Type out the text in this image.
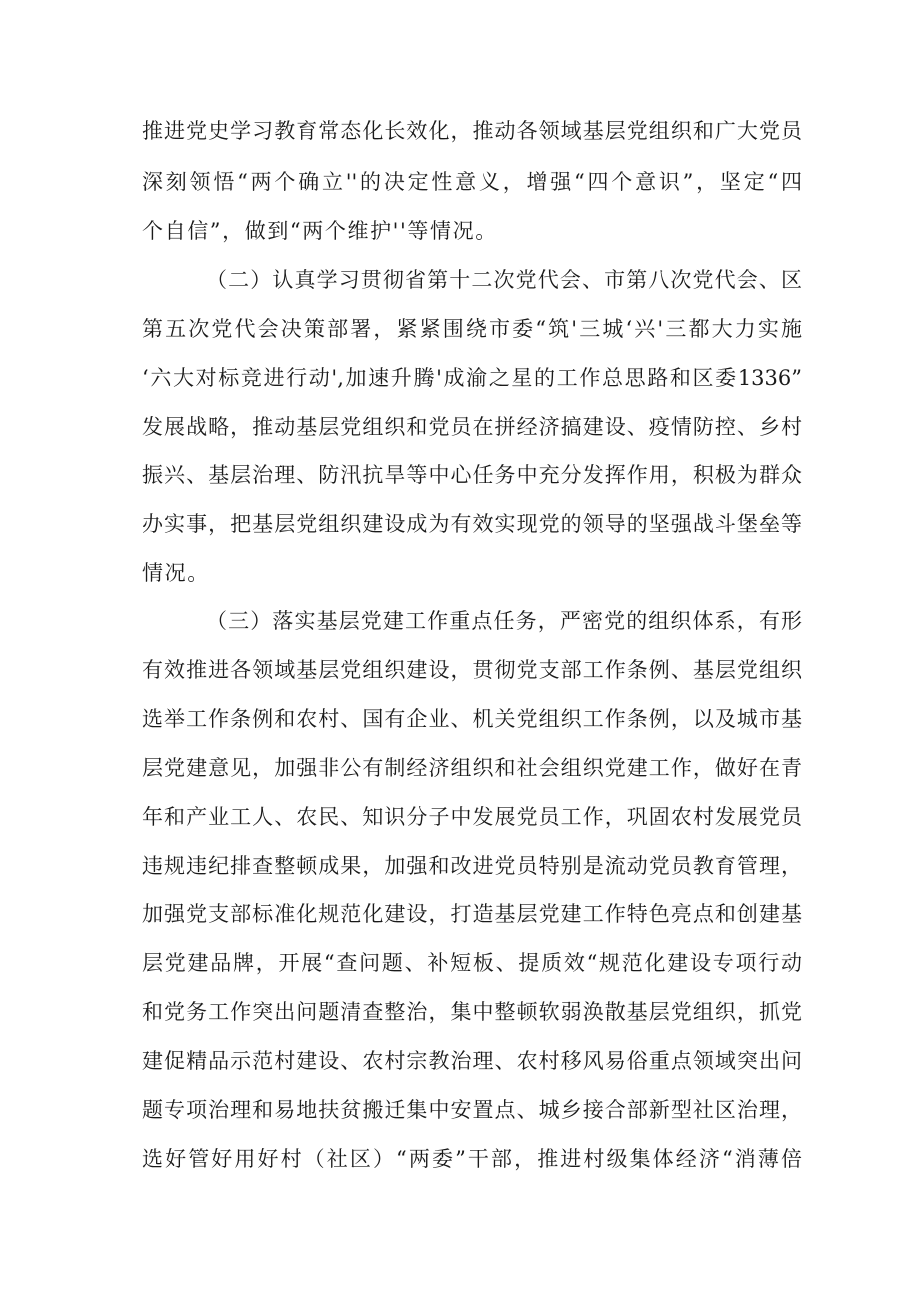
推进党史学习教育常态化长效化，推动各领域基层党组织和广大党员
深刻领悟“两个确立''的决定性意义，增强“四个意识”，坚定“四
个自信”，做到“两个维护''等情况。
（二）认真学习贯彻省第十二次党代会、市第八次党代会、区
第五次党代会决策部署，紧紧围绕市委“筑'三城‘兴'三都大力实施
‘六大对标竞进行动',加速升腾'成渝之星的工作总思路和区委1336”
发展战略，推动基层党组织和党员在拼经济搞建设、疫情防控、乡村
振兴、基层治理、防汛抗旱等中心任务中充分发挥作用，积极为群众
办实事，把基层党组织建设成为有效实现党的领导的坚强战斗堡垒等
情况。
（三）落实基层党建工作重点任务，严密党的组织体系，有形
有效推进各领域基层党组织建设，贯彻党支部工作条例、基层党组织
选举工作条例和农村、国有企业、机关党组织工作条例，以及城市基
层党建意见，加强非公有制经济组织和社会组织党建工作，做好在青
年和产业工人、农民、知识分子中发展党员工作，巩固农村发展党员
违规违纪排查整顿成果，加强和改进党员特别是流动党员教育管理，
加强党支部标准化规范化建设，打造基层党建工作特色亮点和创建基
层党建品牌，开展“查问题、补短板、提质效“规范化建设专项行动
和党务工作突出问题清查整治，集中整顿软弱涣散基层党组织，抓党
建促精品示范村建设、农村宗教治理、农村移风易俗重点领域突出问
题专项治理和易地扶贫搬迁集中安置点、城乡接合部新型社区治理，
选好管好用好村（社区）“两委”干部，推进村级集体经济“消薄倍
